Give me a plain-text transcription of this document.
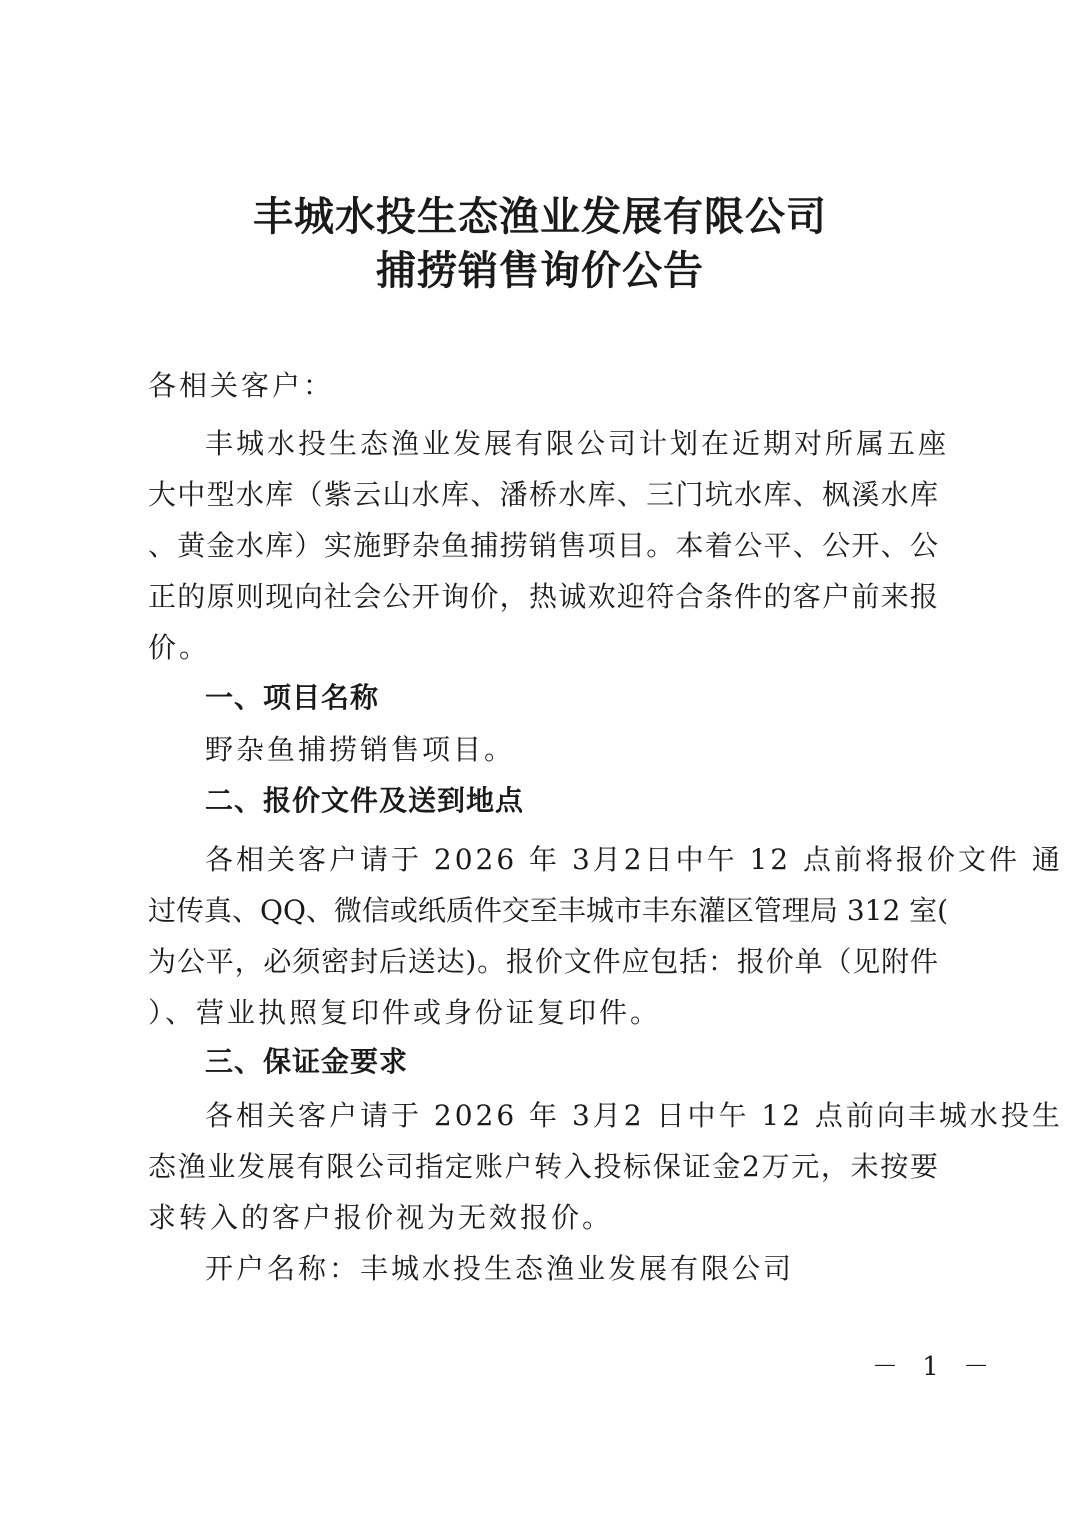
丰城水投生态渔业发展有限公司
捕捞销售询价公告
各相关客户：
丰城水投生态渔业发展有限公司计划在近期对所属五座
大中型水库（紫云山水库、潘桥水库、三门坑水库、枫溪水库
、黄金水库）实施野杂鱼捕捞销售项目。本着公平、公开、公
正的原则现向社会公开询价，热诚欢迎符合条件的客户前来报
价。
一、项目名称
野杂鱼捕捞销售项目。
二、报价文件及送到地点
各相关客户请于 2026 年 3月2日中午 12 点前将报价文件 通
过传真、QQ、微信或纸质件交至丰城市丰东灌区管理局 312 室(
为公平，必须密封后送达)。报价文件应包括：报价单（见附件
）、营业执照复印件或身份证复印件。
三、保证金要求
各相关客户请于 2026 年 3月2 日中午 12 点前向丰城水投生
态渔业发展有限公司指定账户转入投标保证金2万元，未按要
求转入的客户报价视为无效报价。
开户名称：丰城水投生态渔业发展有限公司
－ 1 －
